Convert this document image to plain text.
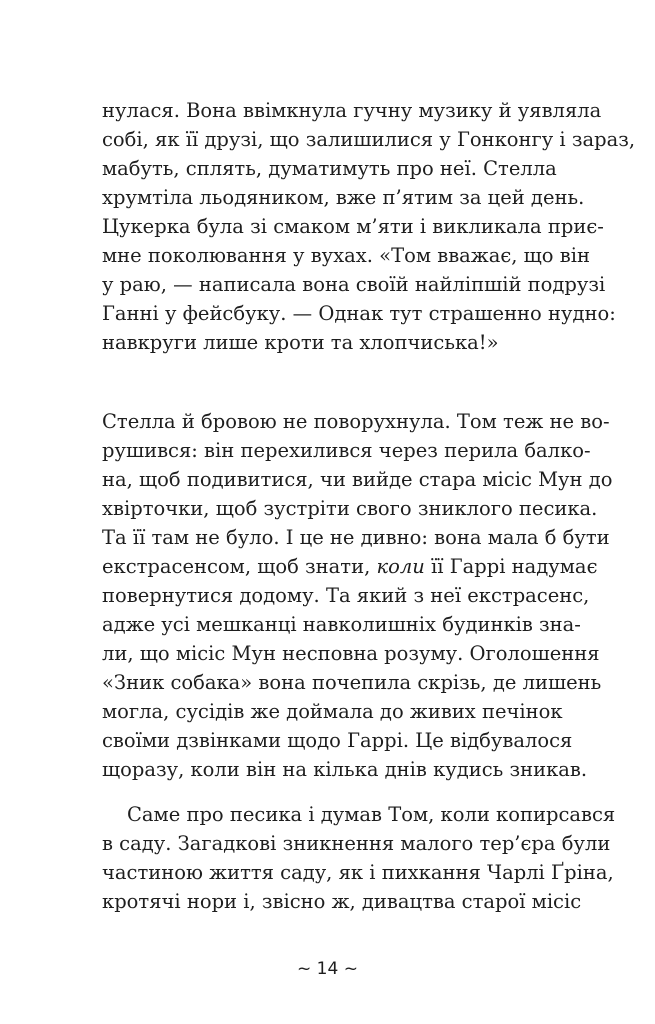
нулася. Вона ввімкнула гучну музику й уявляла
собі, як її друзі, що залишилися у Гонконгу і зараз,
мабуть, сплять, думатимуть про неї. Стелла
хрумтіла льодяником, вже п’ятим за цей день.
Цукерка була зі смаком м’яти і викликала приє-
мне поколювання у вухах. «Том вважає, що він
у раю, — написала вона своїй найліпшій подрузі
Ганні у фейсбуку. — Однак тут страшенно нудно:
навкруги лише кроти та хлопчиська!»
Стелла й бровою не поворухнула. Том теж не во-
рушився: він перехилився через перила балко-
на, щоб подивитися, чи вийде стара місіс Мун до
хвірточки, щоб зустріти свого зниклого песика.
Та її там не було. І це не дивно: вона мала б бути
екстрасенсом, щоб знати, коли її Гаррі надумає
повернутися додому. Та який з неї екстрасенс,
адже усі мешканці навколишніх будинків зна-
ли, що місіс Мун несповна розуму. Оголошення
«Зник собака» вона почепила скрізь, де лишень
могла, сусідів же доймала до живих печінок
своїми дзвінками щодо Гаррі. Це відбувалося
щоразу, коли він на кілька днів кудись зникав.
Саме про песика і думав Том, коли копирсався
в саду. Загадкові зникнення малого тер’єра були
частиною життя саду, як і пихкання Чарлі Ґріна,
кротячі нори і, звісно ж, дивацтва старої місіс
~ 14 ~
